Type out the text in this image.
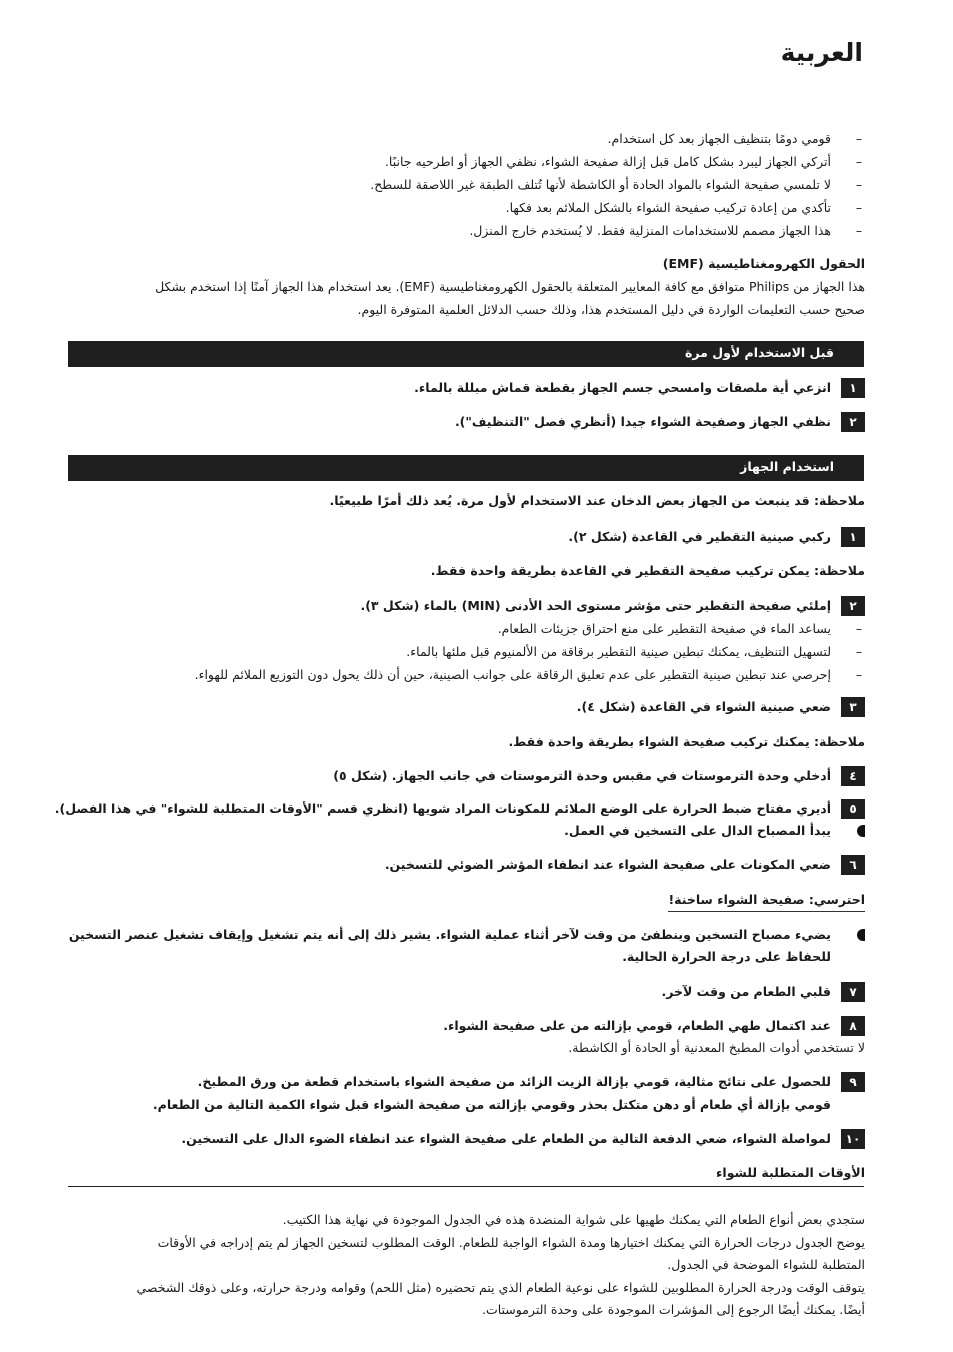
العربية
–
قومي دومًا بتنظيف الجهاز بعد كل استخدام.
–
أتركي الجهاز ليبرد بشكل كامل قبل إزالة صفيحة الشواء، نظفي الجهاز أو اطرحيه جانبًا.
–
لا تلمسي صفيحة الشواء بالمواد الحادة أو الكاشطة لأنها تُتلف الطبقة غير اللاصقة للسطح.
–
تأكدي من إعادة تركيب صفيحة الشواء بالشكل الملائم بعد فكها.
–
هذا الجهاز مصمم للاستخدامات المنزلية فقط. لا يُستخدم خارج المنزل.
الحقول الكهرومغناطيسية (EMF)
هذا الجهاز من Philips متوافق مع كافة المعايير المتعلقة بالحقول الكهرومغناطيسية (EMF). يعد استخدام هذا الجهاز آمنًا إذا استخدم بشكل
صحيح حسب التعليمات الواردة في دليل المستخدم هذا، وذلك حسب الدلائل العلمية المتوفرة اليوم.
قبل الاستخدام لأول مرة
١
انزعي أية ملصقات وامسحي جسم الجهاز بقطعة قماش مبللة بالماء.
٢
نظفي الجهاز وصفيحة الشواء جيدا (أنظري فصل "التنظيف").
استخدام الجهاز
ملاحظة: قد ينبعث من الجهاز بعض الدخان عند الاستخدام لأول مرة. يُعد ذلك أمرًا طبيعيًا.
١
ركبي صينية التقطير في القاعدة (شكل ٢).
ملاحظة: يمكن تركيب صفيحة التقطير في القاعدة بطريقة واحدة فقط.
٢
إملئي صفيحة التقطير حتى مؤشر مستوى الحد الأدنى (MIN) بالماء (شكل ٣).
–
يساعد الماء في صفيحة التقطير على منع احتراق جزيئات الطعام.
–
لتسهيل التنظيف، يمكنك تبطين صينية التقطير برقاقة من الألمنيوم قبل ملئها بالماء.
–
إحرصي عند تبطين صينية التقطير على عدم تعليق الرقاقة على جوانب الصينية، حين أن ذلك يحول دون التوزيع الملائم للهواء.
٣
ضعي صينية الشواء في القاعدة (شكل ٤).
ملاحظة: يمكنك تركيب صفيحة الشواء بطريقة واحدة فقط.
٤
أدخلي وحدة الترموستات في مقبس وحدة الترموستات في جانب الجهاز. (شكل ٥)
٥
أديري مفتاح ضبط الحرارة على الوضع الملائم للمكونات المراد شويها (انظري قسم "الأوقات المتطلبة للشواء" في هذا الفصل).
يبدأ المصباح الدال على التسخين في العمل.
٦
ضعي المكونات على صفيحة الشواء عند انطفاء المؤشر الضوئي للتسخين.
احترسي: صفيحة الشواء ساخنة!
يضيء مصباح التسخين وينطفئ من وقت لآخر أثناء عملية الشواء. يشير ذلك إلى أنه يتم تشغيل وإيقاف تشغيل عنصر التسخين
للحفاظ على درجة الحرارة الحالية.
٧
قلبي الطعام من وقت لآخر.
٨
عند اكتمال طهي الطعام، قومي بإزالته من على صفيحة الشواء.
لا تستخدمي أدوات المطبخ المعدنية أو الحادة أو الكاشطة.
٩
للحصول على نتائج مثالية، قومي بإزالة الزيت الزائد من صفيحة الشواء باستخدام قطعة من ورق المطبخ.
قومي بإزالة أي طعام أو دهن متكتل بحذر وقومي بإزالته من صفيحة الشواء قبل شواء الكمية التالية من الطعام.
١٠
لمواصلة الشواء، ضعي الدفعة التالية من الطعام على صفيحة الشواء عند انطفاء الضوء الدال على التسخين.
الأوقات المتطلبة للشواء
ستجدي بعض أنواع الطعام التي يمكنك طهيها على شواية المنضدة هذه في الجدول الموجودة في نهاية هذا الكتيب.
يوضح الجدول درجات الحرارة التي يمكنك اختيارها ومدة الشواء الواجبة للطعام. الوقت المطلوب لتسخين الجهاز لم يتم إدراجه في الأوقات
المتطلبة للشواء الموضحة في الجدول.
يتوقف الوقت ودرجة الحرارة المطلوبين للشواء على نوعية الطعام الذي يتم تحضيره (مثل اللحم) وقوامه ودرجة حرارته، وعلى ذوقك الشخصي
أيضًا. يمكنك أيضًا الرجوع إلى المؤشرات الموجودة على وحدة الترموستات.
